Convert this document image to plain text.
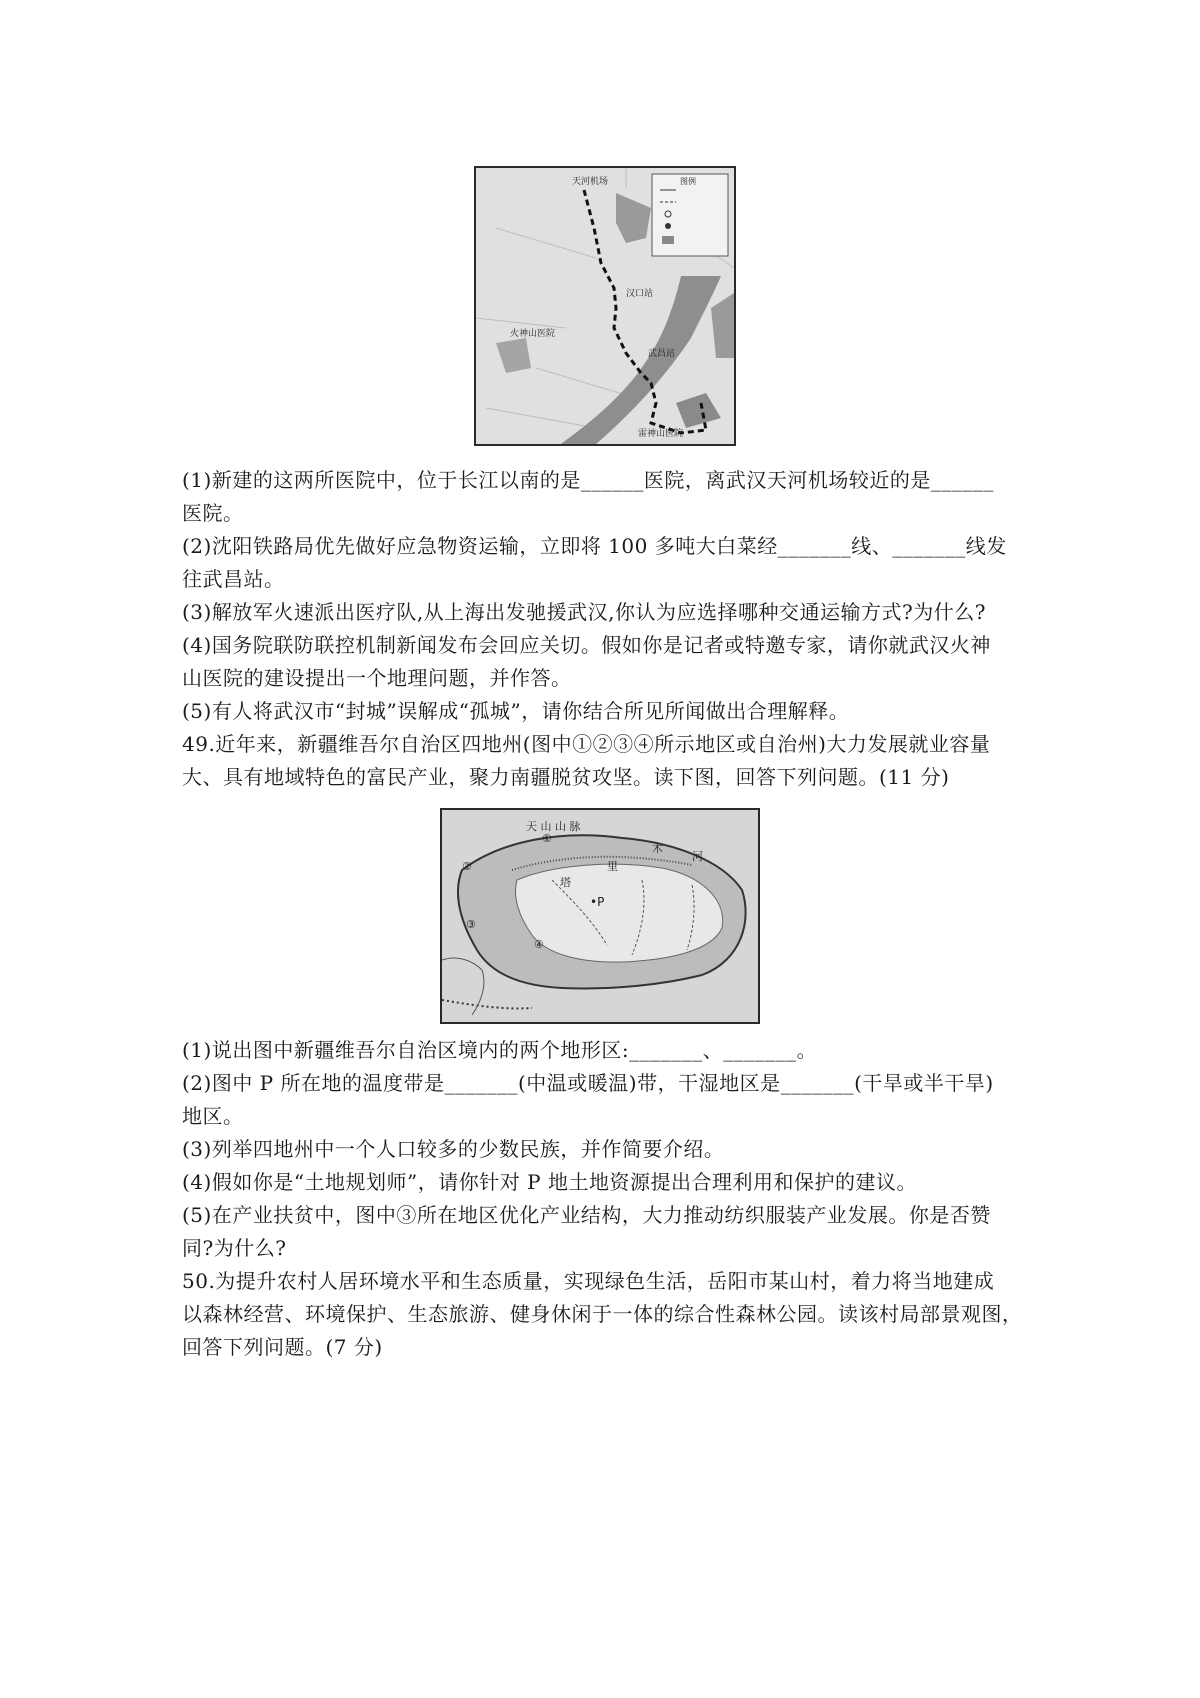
图例
天河机场
汉口站
火神山医院
武昌站
雷神山医院
(1)新建的这两所医院中，位于长江以南的是______医院，离武汉天河机场较近的是______
医院。
(2)沈阳铁路局优先做好应急物资运输，立即将 100 多吨大白菜经_______线、_______线发
往武昌站。
(3)解放军火速派出医疗队,从上海出发驰援武汉,你认为应选择哪种交通运输方式?为什么?
(4)国务院联防联控机制新闻发布会回应关切。假如你是记者或特邀专家，请你就武汉火神
山医院的建设提出一个地理问题，并作答。
(5)有人将武汉市“封城”误解成“孤城”，请你结合所见所闻做出合理解释。
49.近年来，新疆维吾尔自治区四地州(图中①②③④所示地区或自治州)大力发展就业容量
大、具有地域特色的富民产业，聚力南疆脱贫攻坚。读下图，回答下列问题。(11 分)
天 山 山 脉
塔
里
木
河
•P
①
②
③
④
(1)说出图中新疆维吾尔自治区境内的两个地形区:_______、_______。
(2)图中 P 所在地的温度带是_______(中温或暖温)带，干湿地区是_______(干旱或半干旱)
地区。
(3)列举四地州中一个人口较多的少数民族，并作简要介绍。
(4)假如你是“土地规划师”，请你针对 P 地土地资源提出合理利用和保护的建议。
(5)在产业扶贫中，图中③所在地区优化产业结构，大力推动纺织服装产业发展。你是否赞
同?为什么?
50.为提升农村人居环境水平和生态质量，实现绿色生活，岳阳市某山村，着力将当地建成
以森林经营、环境保护、生态旅游、健身休闲于一体的综合性森林公园。读该村局部景观图，
回答下列问题。(7 分)
